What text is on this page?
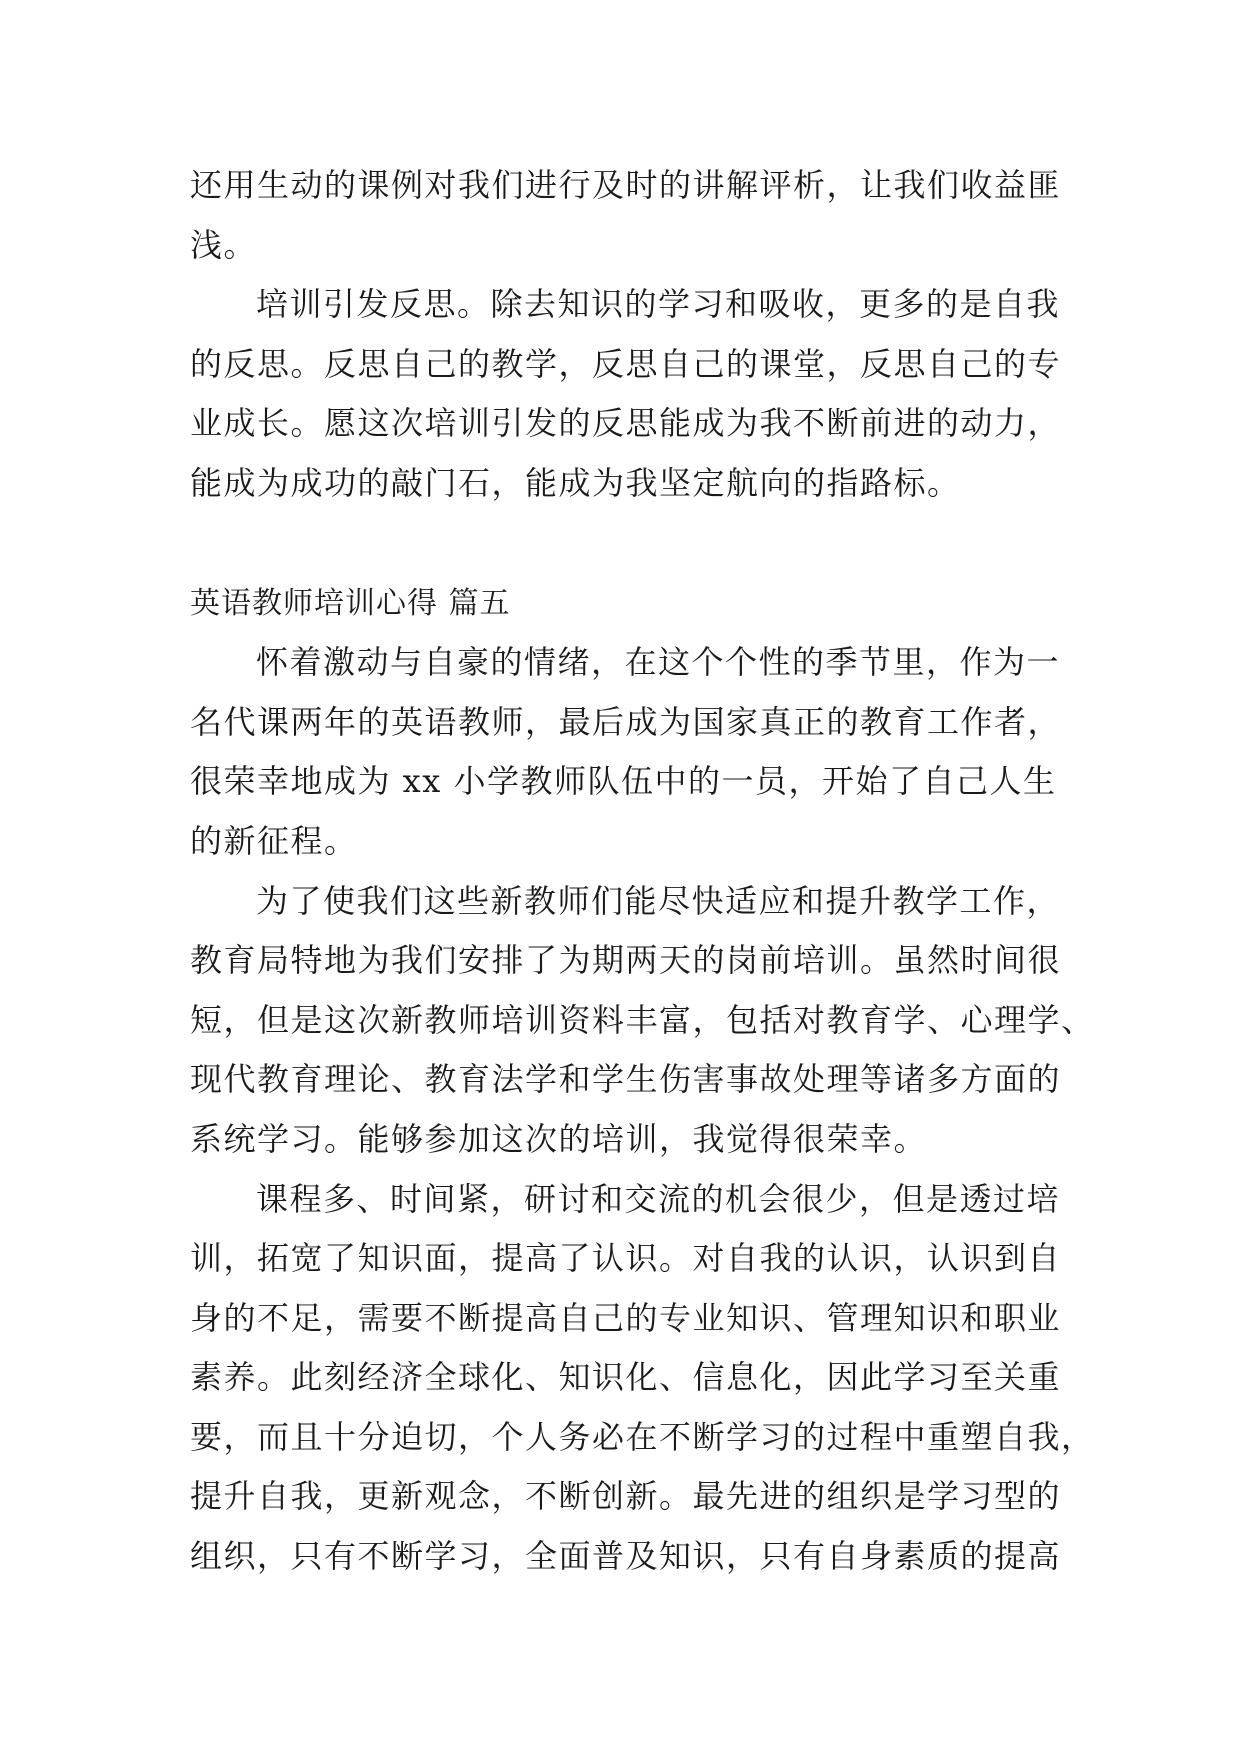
还用生动的课例对我们进行及时的讲解评析，让我们收益匪
浅。
培训引发反思。除去知识的学习和吸收，更多的是自我
的反思。反思自己的教学，反思自己的课堂，反思自己的专
业成长。愿这次培训引发的反思能成为我不断前进的动力，
能成为成功的敲门石，能成为我坚定航向的指路标。
英语教师培训心得 篇五
怀着激动与自豪的情绪，在这个个性的季节里，作为一
名代课两年的英语教师，最后成为国家真正的教育工作者，
很荣幸地成为 xx 小学教师队伍中的一员，开始了自己人生
的新征程。
为了使我们这些新教师们能尽快适应和提升教学工作，
教育局特地为我们安排了为期两天的岗前培训。虽然时间很
短，但是这次新教师培训资料丰富，包括对教育学、心理学、
现代教育理论、教育法学和学生伤害事故处理等诸多方面的
系统学习。能够参加这次的培训，我觉得很荣幸。
课程多、时间紧，研讨和交流的机会很少，但是透过培
训，拓宽了知识面，提高了认识。对自我的认识，认识到自
身的不足，需要不断提高自己的专业知识、管理知识和职业
素养。此刻经济全球化、知识化、信息化，因此学习至关重
要，而且十分迫切，个人务必在不断学习的过程中重塑自我，
提升自我，更新观念，不断创新。最先进的组织是学习型的
组织，只有不断学习，全面普及知识，只有自身素质的提高
